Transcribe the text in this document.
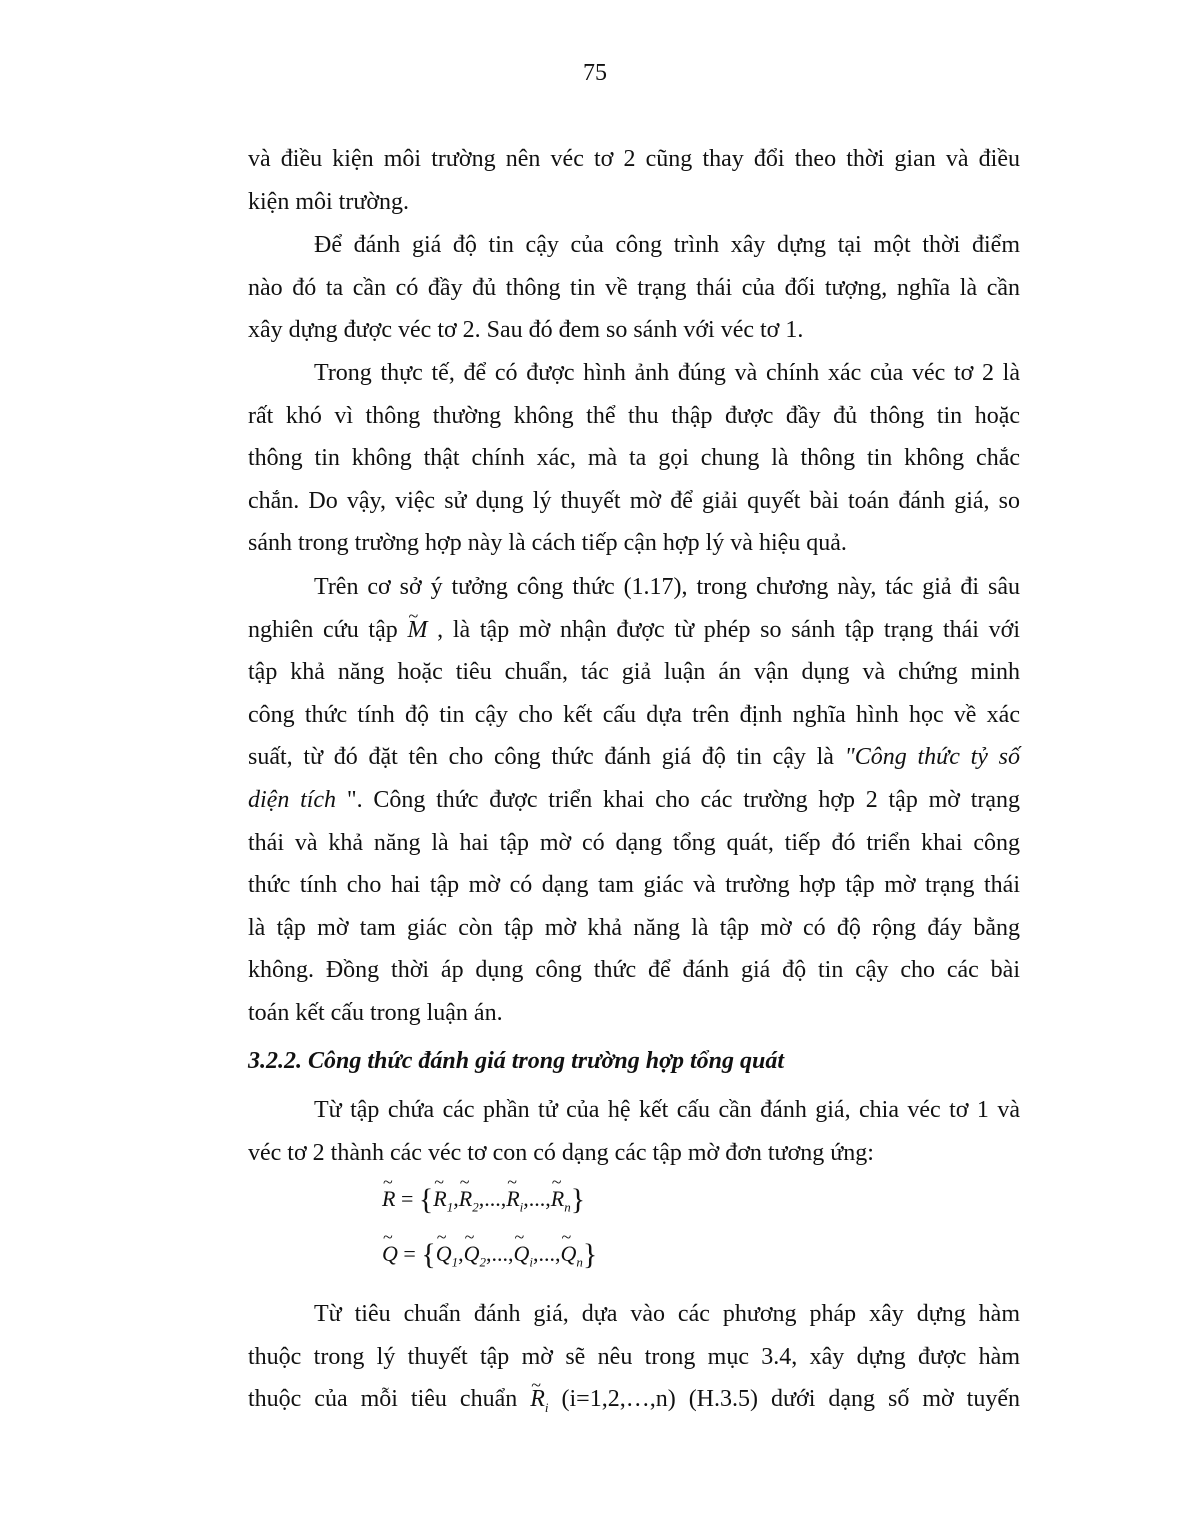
75
và điều kiện môi trường nên véc tơ 2 cũng thay đổi theo thời gian và điều
kiện môi trường.
Để đánh giá độ tin cậy của công trình xây dựng tại một thời điểm
nào đó ta cần có đầy đủ thông tin về trạng thái của đối tượng, nghĩa là cần
xây dựng được véc tơ 2. Sau đó đem so sánh với véc tơ 1.
Trong thực tế, để có được hình ảnh đúng và chính xác của véc tơ 2 là
rất khó vì thông thường không thể thu thập được đầy đủ thông tin hoặc
thông tin không thật chính xác, mà ta gọi chung là thông tin không chắc
chắn. Do vậy, việc sử dụng lý thuyết mờ để giải quyết bài toán đánh giá, so
sánh trong trường hợp này là cách tiếp cận hợp lý và hiệu quả.
Trên cơ sở ý tưởng công thức (1.17), trong chương này, tác giả đi sâu
nghiên cứu tập ~ M , là tập mờ nhận được từ phép so sánh tập trạng thái với
tập khả năng hoặc tiêu chuẩn, tác giả luận án vận dụng và chứng minh
công thức tính độ tin cậy cho kết cấu dựa trên định nghĩa hình học về xác
suất, từ đó đặt tên cho công thức đánh giá độ tin cậy là "Công thức tỷ số
diện tích ". Công thức được triển khai cho các trường hợp 2 tập mờ trạng
thái và khả năng là hai tập mờ có dạng tổng quát, tiếp đó triển khai công
thức tính cho hai tập mờ có dạng tam giác và trường hợp tập mờ trạng thái
là tập mờ tam giác còn tập mờ khả năng là tập mờ có độ rộng đáy bằng
không. Đồng thời áp dụng công thức để đánh giá độ tin cậy cho các bài
toán kết cấu trong luận án.
3.2.2. Công thức đánh giá trong trường hợp tổng quát
Từ tập chứa các phần tử của hệ kết cấu cần đánh giá, chia véc tơ 1 và
véc tơ 2 thành các véc tơ con có dạng các tập mờ đơn tương ứng:
~ R = {~ $R_1,\sim$ $R_2,...,\sim$ $R_i,...,\sim$ $R_n$}
~ Q = {~ $Q_1,\sim$ $Q_2,...,\sim$ $Q_i,...,\sim$ $Q_n$}
Từ tiêu chuẩn đánh giá, dựa vào các phương pháp xây dựng hàm
thuộc trong lý thuyết tập mờ sẽ nêu trong mục 3.4, xây dựng được hàm
thuộc của mỗi tiêu chuẩn ~ $R_i$ (i=1,2,…,n) (H.3.5) dưới dạng số mờ tuyến
